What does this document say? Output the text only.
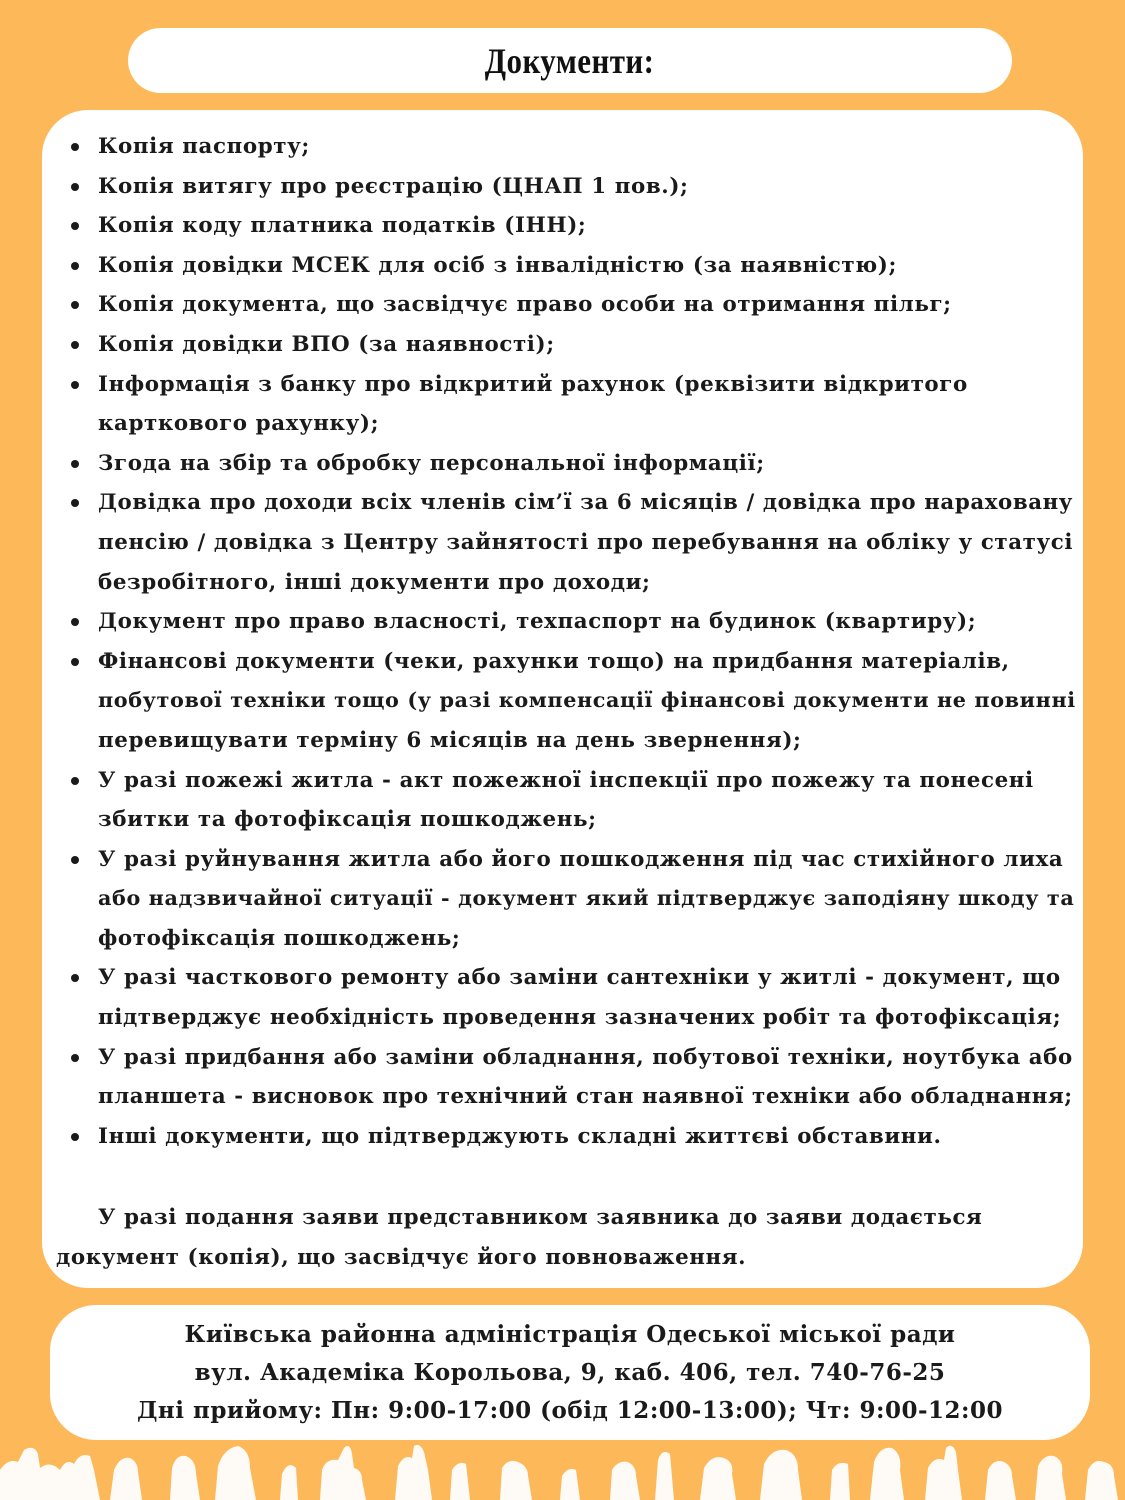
Документи:
Копія паспорту;
Копія витягу про реєстрацію (ЦНАП 1 пов.);
Копія коду платника податків (ІНН);
Копія довідки МСЕК для осіб з інвалідністю (за наявністю);
Копія документа, що засвідчує право особи на отримання пільг;
Копія довідки ВПО (за наявності);
Інформація з банку про відкритий рахунок (реквізити відкритого
карткового рахунку);
Згода на збір та обробку персональної інформації;
Довідка про доходи всіх членів сім’ї за 6 місяців / довідка про нараховану
пенсію / довідка з Центру зайнятості про перебування на обліку у статусі
безробітного, інші документи про доходи;
Документ про право власності, техпаспорт на будинок (квартиру);
Фінансові документи (чеки, рахунки тощо) на придбання матеріалів,
побутової техніки тощо (у разі компенсації фінансові документи не повинні
перевищувати терміну 6 місяців на день звернення);
У разі пожежі житла - акт пожежної інспекції про пожежу та понесені
збитки та фотофіксація пошкоджень;
У разі руйнування житла або його пошкодження під час стихійного лиха
або надзвичайної ситуації - документ який підтверджує заподіяну шкоду та
фотофіксація пошкоджень;
У разі часткового ремонту або заміни сантехніки у житлі - документ, що
підтверджує необхідність проведення зазначених робіт та фотофіксація;
У разі придбання або заміни обладнання, побутової техніки, ноутбука або
планшета - висновок про технічний стан наявної техніки або обладнання;
Інші документи, що підтверджують складні життєві обставини.
У разі подання заяви представником заявника до заяви додається
документ (копія), що засвідчує його повноваження.
Київська районна адміністрація Одеської міської ради
вул. Академіка Корольова, 9, каб. 406, тел. 740-76-25
Дні прийому: Пн: 9:00-17:00 (обід 12:00-13:00); Чт: 9:00-12:00
